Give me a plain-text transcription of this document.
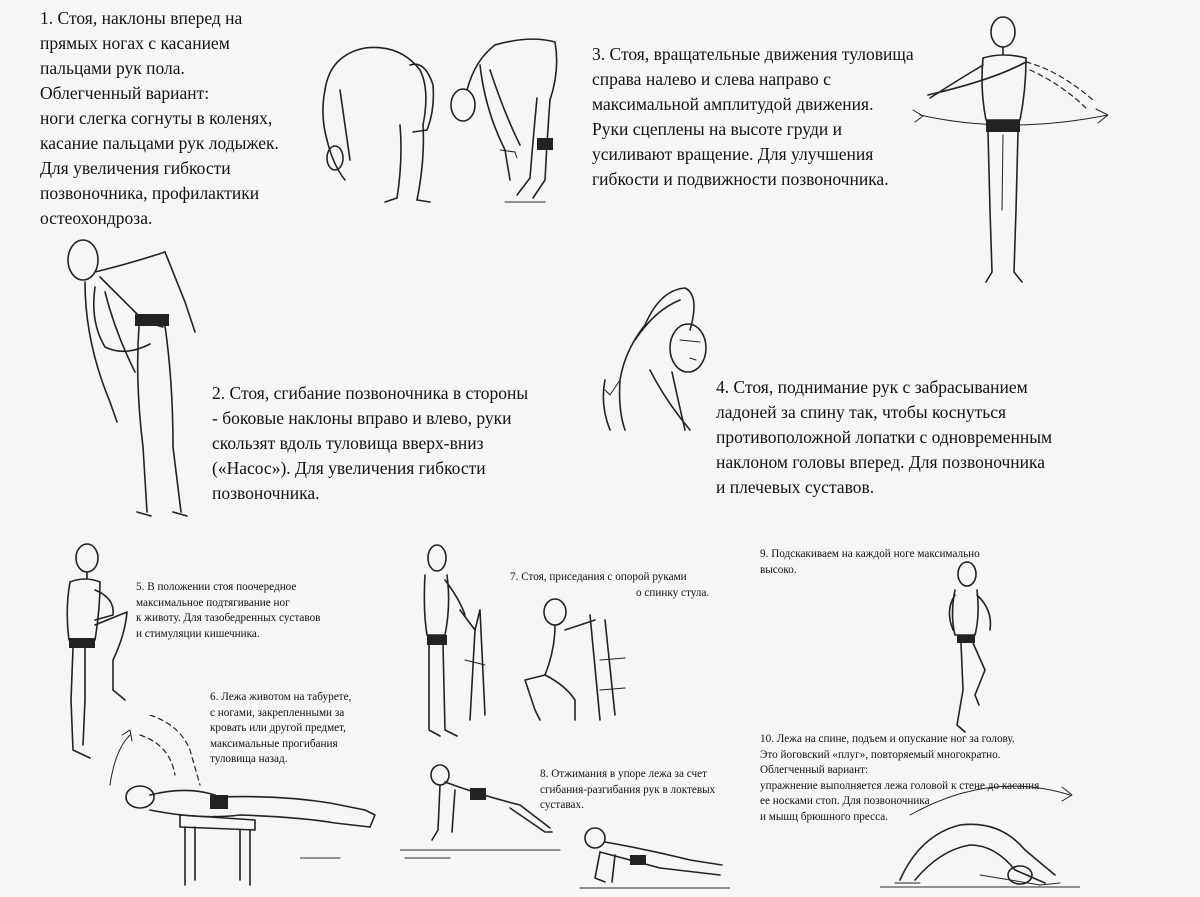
1. Стоя, наклоны вперед на
прямых ногах с касанием
пальцами рук пола.
Облегченный вариант:
ноги слегка согнуты в коленях,
касание пальцами рук лодыжек.
Для увеличения гибкости
позвоночника, профилактики
остеохондроза.
2. Стоя, сгибание позвоночника в стороны
- боковые наклоны вправо и влево, руки
скользят вдоль туловища вверх-вниз
(«Насос»). Для увеличения гибкости
позвоночника.
3. Стоя, вращательные движения туловища
справа налево и слева направо с
максимальной амплитудой движения.
Руки сцеплены на высоте груди и
усиливают вращение. Для улучшения
гибкости и подвижности позвоночника.
4. Стоя, поднимание рук с забрасыванием
ладоней за спину так, чтобы коснуться
противоположной лопатки с одновременным
наклоном головы вперед. Для позвоночника
и плечевых суставов.
5. В положении стоя поочередное
максимальное подтягивание ног
к животу. Для тазобедренных суставов
и стимуляции кишечника.
6. Лежа животом на табурете,
с ногами, закрепленными за
кровать или другой предмет,
максимальные прогибания
туловища назад.
7. Стоя, приседания с опорой руками
о спинку стула.
8. Отжимания в упоре лежа за счет
сгибания-разгибания рук в локтевых
суставах.
9. Подскакиваем на каждой ноге максимально
высоко.
10. Лежа на спине, подъем и опускание ног за голову.
Это йоговский «плуг», повторяемый многократно.
Облегченный вариант:
упражнение выполняется лежа головой к стене до касания
ее носками стоп. Для позвоночника
и мышц брюшного пресса.
